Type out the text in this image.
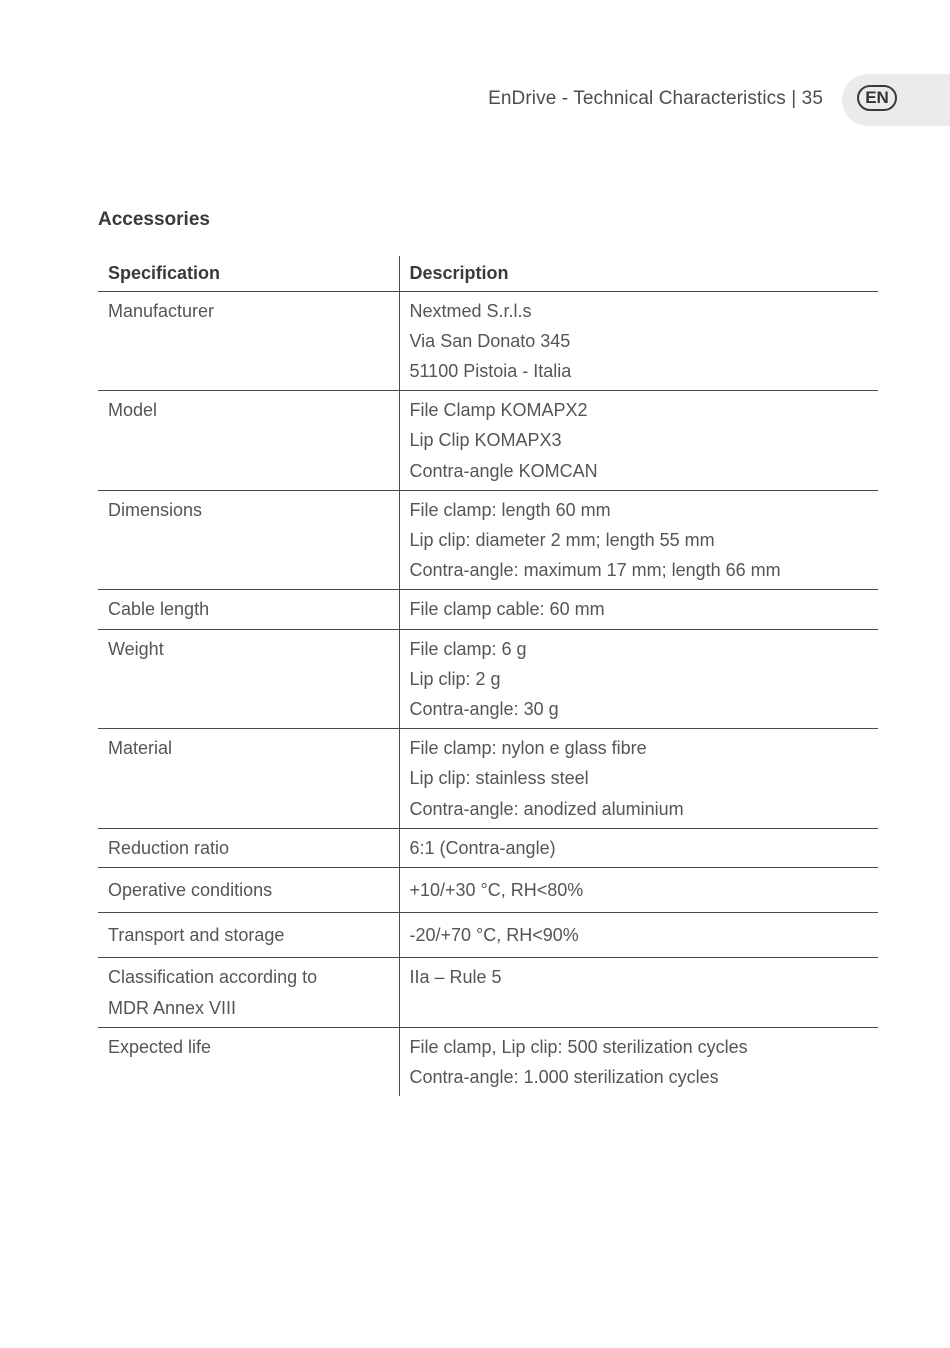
EN
EnDrive - Technical Characteristics | 35
Accessories
Specification	Description

Manufacturer	Nextmed S.r.l.s
Via San Donato 345
51100 Pistoia - Italia

Model	File Clamp KOMAPX2
Lip Clip KOMAPX3
Contra-angle KOMCAN

Dimensions	File clamp: length 60 mm
Lip clip: diameter 2 mm; length 55 mm
Contra-angle: maximum 17 mm; length 66 mm

Cable length	File clamp cable: 60 mm

Weight	File clamp: 6 g
Lip clip: 2 g
Contra-angle: 30 g

Material	File clamp: nylon e glass fibre
Lip clip: stainless steel
Contra-angle: anodized aluminium

Reduction ratio	6:1 (Contra-angle)

Operative conditions	+10/+30 °C, RH<80%

Transport and storage	-20/+70 °C, RH<90%

Classification according to
MDR Annex VIII	IIa – Rule 5

Expected life	File clamp, Lip clip: 500 sterilization cycles
Contra-angle: 1.000 sterilization cycles
